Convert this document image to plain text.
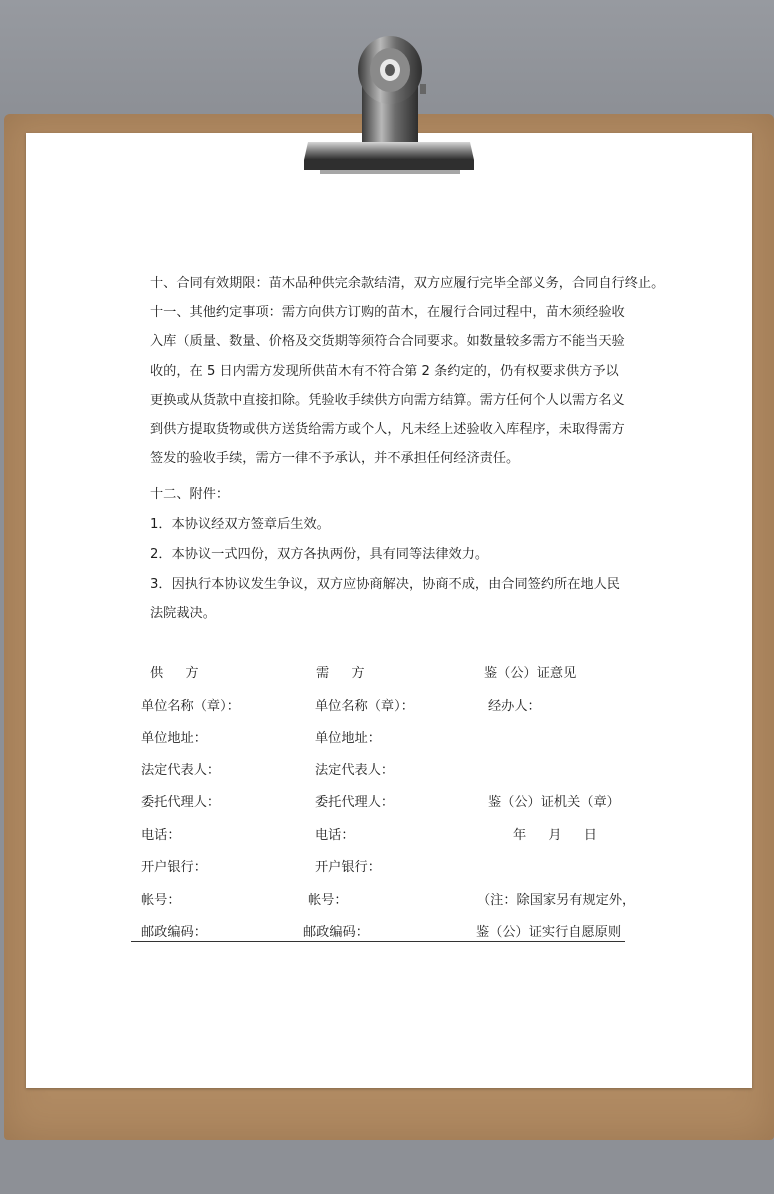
十、合同有效期限：苗木品种供完余款结清，双方应履行完毕全部义务，合同自行终止。
十一、其他约定事项：需方向供方订购的苗木，在履行合同过程中，苗木须经验收入库（质量、数量、价格及交货期等须符合合同要求。如数量较多需方不能当天验收的，在 5 日内需方发现所供苗木有不符合第 2 条约定的，仍有权要求供方予以更换或从货款中直接扣除。凭验收手续供方向需方结算。需方任何个人以需方名义到供方提取货物或供方送货给需方或个人，凡未经上述验收入库程序，未取得需方签发的验收手续，需方一律不予承认，并不承担任何经济责任。
十二、附件：
1．本协议经双方签章后生效。
2．本协议一式四份，双方各执两份，具有同等法律效力。
3．因执行本协议发生争议，双方应协商解决，协商不成，由合同签约所在地人民法院裁决。
供 方	需 方	鉴（公）证意见
单位名称（章）：	单位名称（章）：	经办人：
单位地址：	单位地址：
法定代表人：	法定代表人：
委托代理人：	委托代理人：	鉴（公）证机关（章）
电话：	电话：	年 月 日
开户银行：	开户银行：
帐号：	帐号：	（注：除国家另有规定外，
邮政编码：	邮政编码：	鉴（公）证实行自愿原则
